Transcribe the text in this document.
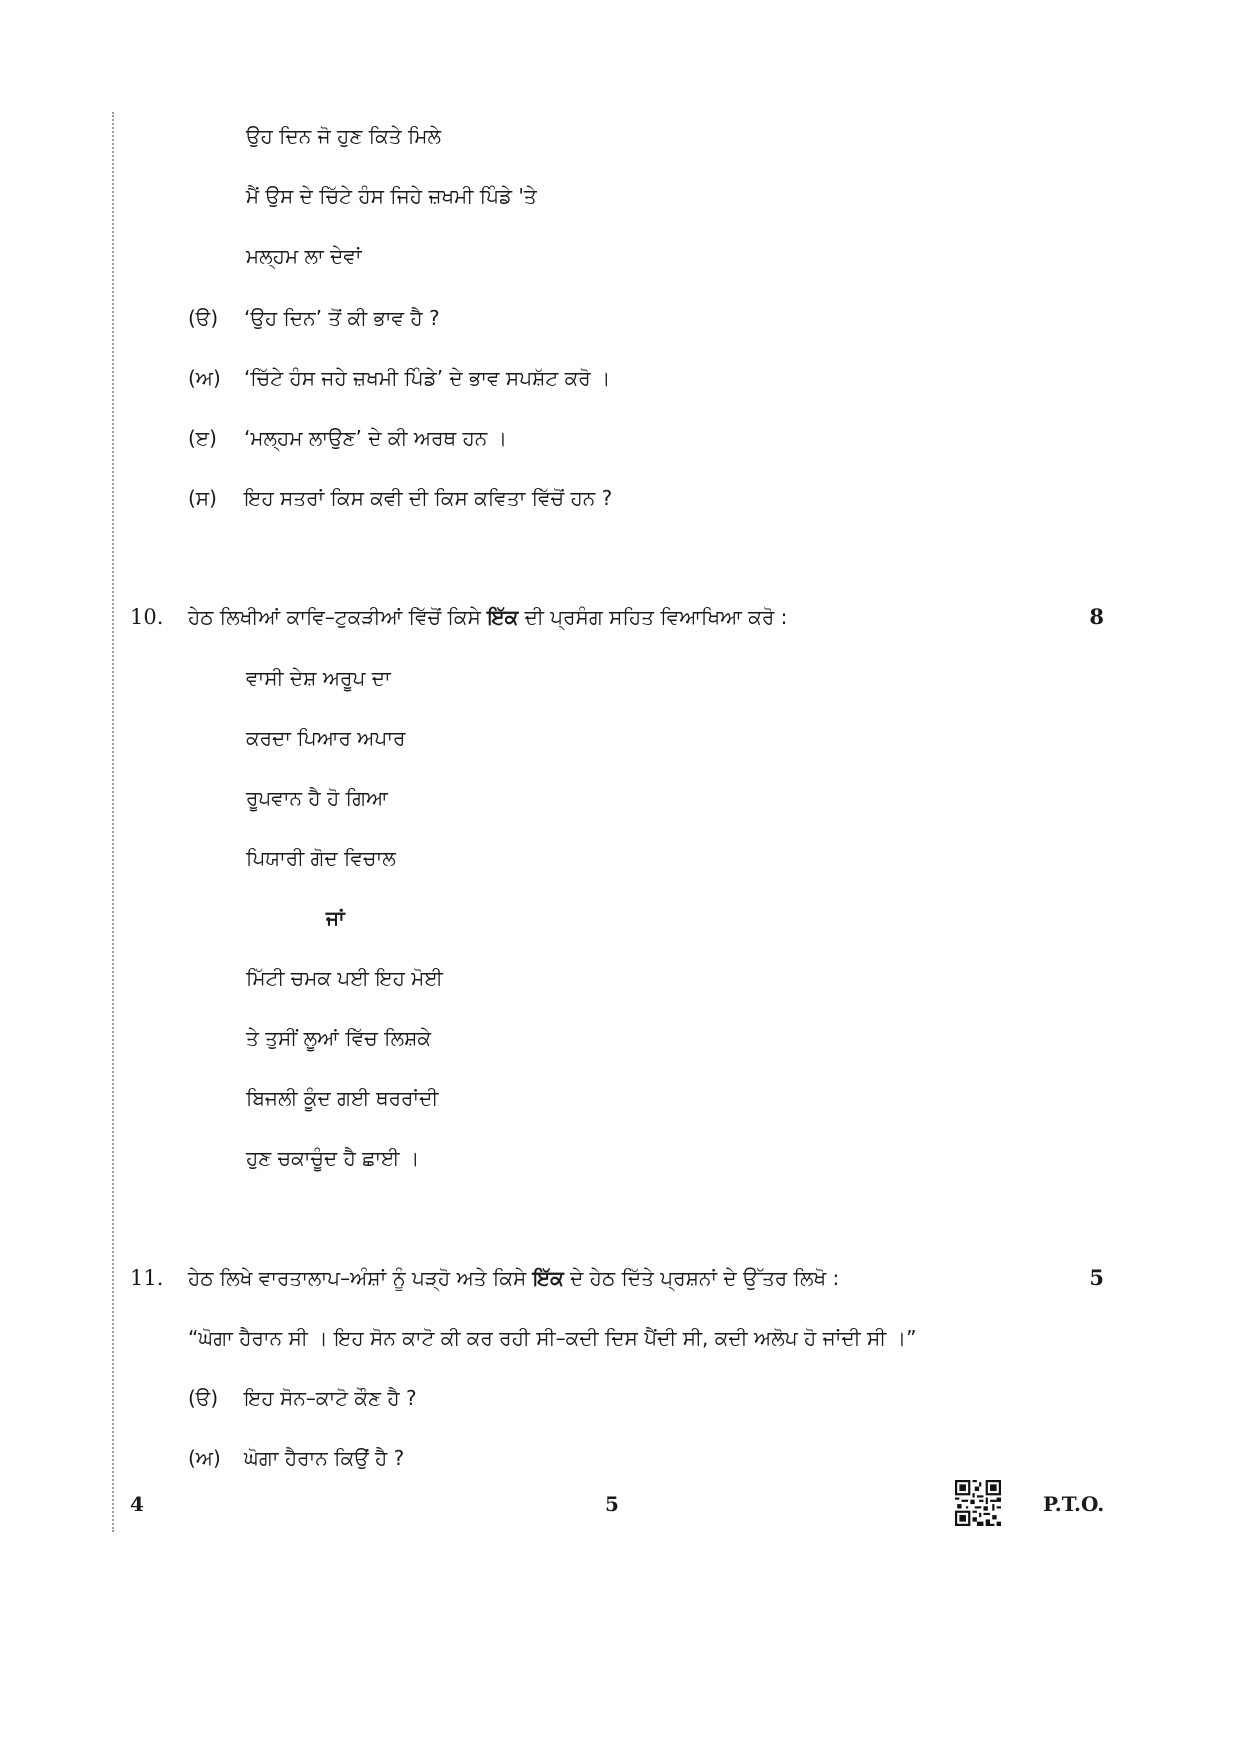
ਉਹ ਦਿਨ ਜੋ ਹੁਣ ਕਿਤੇ ਮਿਲੇ
ਮੈਂ ਉਸ ਦੇ ਚਿੱਟੇ ਹੰਸ ਜਿਹੇ ਜ਼ਖਮੀ ਪਿੰਡੇ 'ਤੇ
ਮਲ੍ਹਮ ਲਾ ਦੇਵਾਂ
(ੳ) ‘ਉਹ ਦਿਨ’ ਤੋਂ ਕੀ ਭਾਵ ਹੈ ?
(ਅ) ‘ਚਿੱਟੇ ਹੰਸ ਜਹੇ ਜ਼ਖਮੀ ਪਿੰਡੇ’ ਦੇ ਭਾਵ ਸਪਸ਼ੱਟ ਕਰੋ ।
(ੲ) ‘ਮਲ੍ਹਮ ਲਾਉਣ’ ਦੇ ਕੀ ਅਰਥ ਹਨ ।
(ਸ) ਇਹ ਸਤਰਾਂ ਕਿਸ ਕਵੀ ਦੀ ਕਿਸ ਕਵਿਤਾ ਵਿੱਚੋਂ ਹਨ ?
10. ਹੇਠ ਲਿਖੀਆਂ ਕਾਵਿ–ਟੁਕੜੀਆਂ ਵਿੱਚੋਂ ਕਿਸੇ ਇੱਕ ਦੀ ਪ੍ਰਸੰਗ ਸਹਿਤ ਵਿਆਖਿਆ ਕਰੋ :	8
ਵਾਸੀ ਦੇਸ਼ ਅਰੂਪ ਦਾ
ਕਰਦਾ ਪਿਆਰ ਅਪਾਰ
ਰੂਪਵਾਨ ਹੈ ਹੋ ਗਿਆ
ਪਿਯਾਰੀ ਗੋਦ ਵਿਚਾਲ
ਜਾਂ
ਮਿੱਟੀ ਚਮਕ ਪਈ ਇਹ ਮੋਈ
ਤੇ ਤੁਸੀਂ ਲੂਆਂ ਵਿੱਚ ਲਿਸ਼ਕੇ
ਬਿਜਲੀ ਕੂੰਦ ਗਈ ਥਰਰਾਂਦੀ
ਹੁਣ ਚਕਾਚੂੰਦ ਹੈ ਛਾਈ ।
11. ਹੇਠ ਲਿਖੇ ਵਾਰਤਾਲਾਪ–ਅੰਸ਼ਾਂ ਨੂੰ ਪੜ੍ਹੋ ਅਤੇ ਕਿਸੇ ਇੱਕ ਦੇ ਹੇਠ ਦਿੱਤੇ ਪ੍ਰਸ਼ਨਾਂ ਦੇ ਉੱਤਰ ਲਿਖੋ :	5
“ਘੋਗਾ ਹੈਰਾਨ ਸੀ । ਇਹ ਸੋਨ ਕਾਟੋ ਕੀ ਕਰ ਰਹੀ ਸੀ–ਕਦੀ ਦਿਸ ਪੈਂਦੀ ਸੀ, ਕਦੀ ਅਲੋਪ ਹੋ ਜਾਂਦੀ ਸੀ ।”
(ੳ) ਇਹ ਸੋਨ–ਕਾਟੋ ਕੌਣ ਹੈ ?
(ਅ) ਘੋਗਾ ਹੈਰਾਨ ਕਿਉਂ ਹੈ ?
4	5	P.T.O.
